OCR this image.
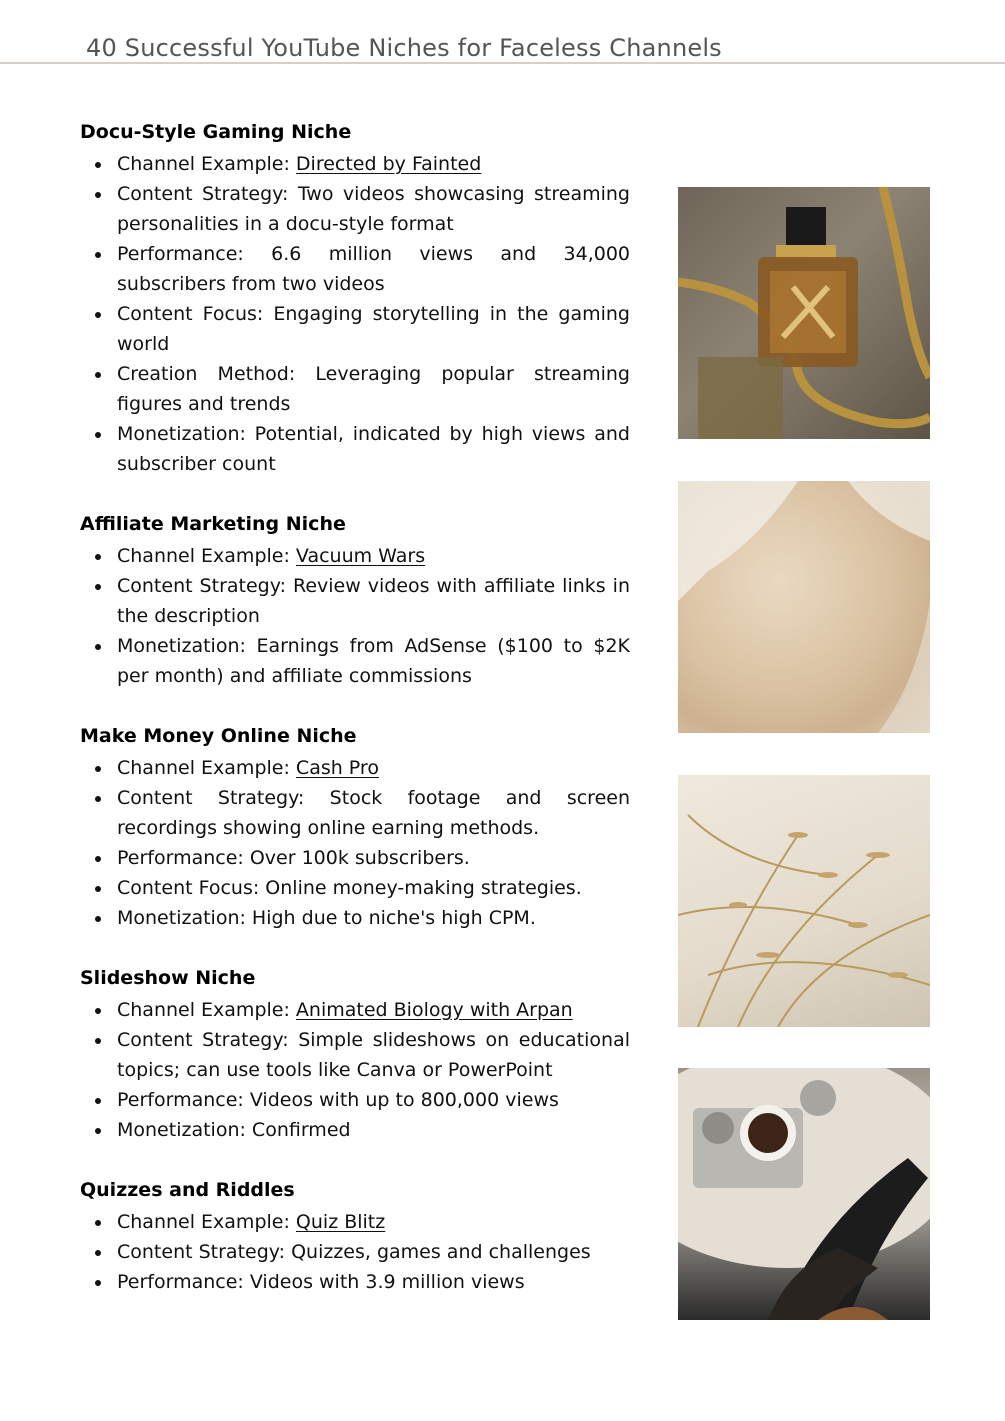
40 Successful YouTube Niches for Faceless Channels
Docu-Style Gaming Niche
Channel Example: Directed by Fainted
Content Strategy: Two videos showcasing streaming personalities in a docu-style format
Performance: 6.6 million views and 34,000 subscribers from two videos
Content Focus: Engaging storytelling in the gaming world
Creation Method: Leveraging popular streaming figures and trends
Monetization: Potential, indicated by high views and subscriber count
Affiliate Marketing Niche
Channel Example: Vacuum Wars
Content Strategy: Review videos with affiliate links in the description
Monetization: Earnings from AdSense ($100 to $2K per month) and affiliate commissions
Make Money Online Niche
Channel Example: Cash Pro
Content Strategy: Stock footage and screen recordings showing online earning methods.
Performance: Over 100k subscribers.
Content Focus: Online money-making strategies.
Monetization: High due to niche's high CPM.
Slideshow Niche
Channel Example: Animated Biology with Arpan
Content Strategy: Simple slideshows on educational topics; can use tools like Canva or PowerPoint
Performance: Videos with up to 800,000 views
Monetization: Confirmed
Quizzes and Riddles
Channel Example: Quiz Blitz
Content Strategy: Quizzes, games and challenges
Performance: Videos with 3.9 million views
